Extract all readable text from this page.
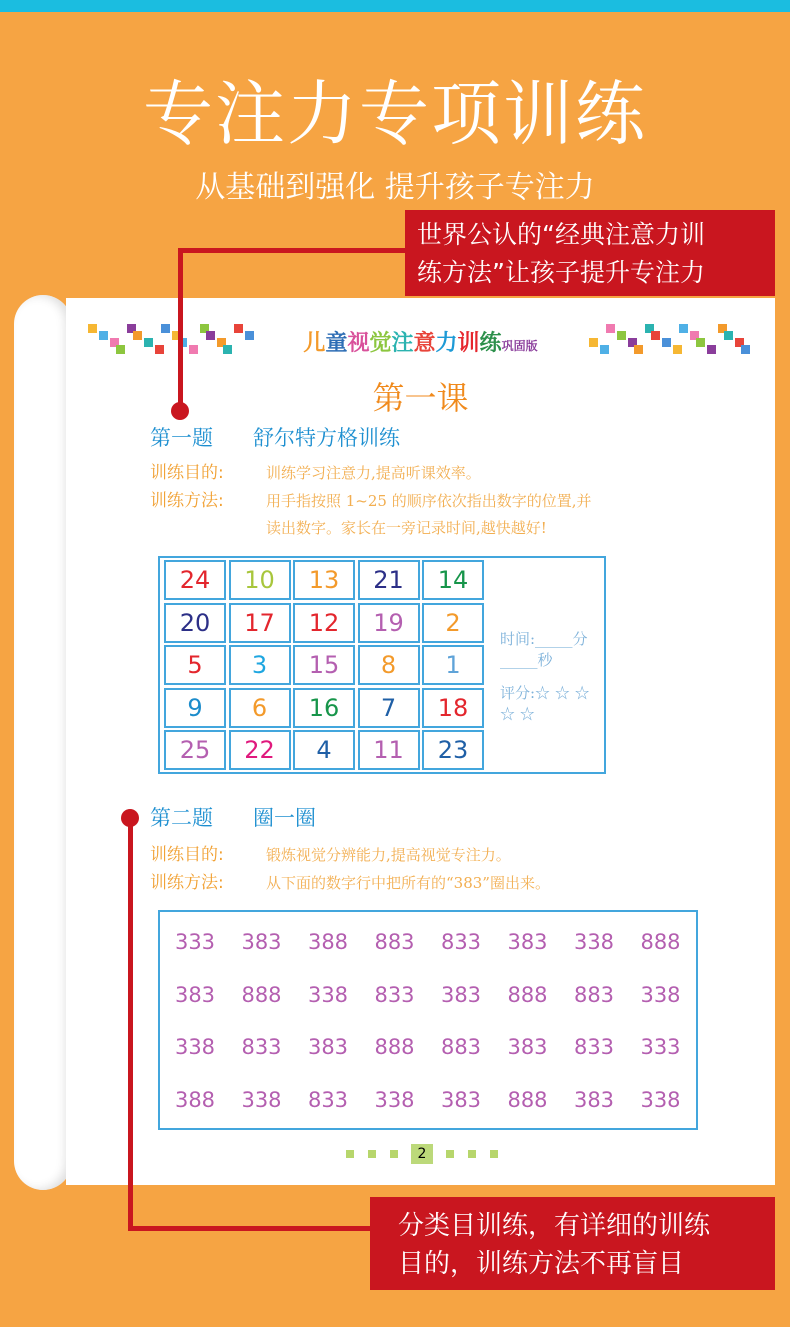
专注力专项训练
从基础到强化 提升孩子专注力
儿童视觉注意力训练巩固版
第一课
第一题 舒尔特方格训练
训练目的:	训练学习注意力,提高听课效率。
训练方法:	用手指按照 1~25 的顺序依次指出数字的位置,并
读出数字。家长在一旁记录时间,越快越好!
24	10	13	21	14
20	17	12	19	2
5	3	15	8	1
9	6	16	7	18
25	22	4	11	23
时间:_____分_____秒
评分:☆ ☆ ☆ ☆ ☆
第二题 圈一圈
训练目的:	锻炼视觉分辨能力,提高视觉专注力。
训练方法:	从下面的数字行中把所有的“383”圈出来。
333	383	388	883	833	383	338	888
383	888	338	833	383	888	883	338
338	833	383	888	883	383	833	333
388	338	833	338	383	888	383	338
2
世界公认的“经典注意力训
练方法”让孩子提升专注力
分类目训练，有详细的训练
目的，训练方法不再盲目
